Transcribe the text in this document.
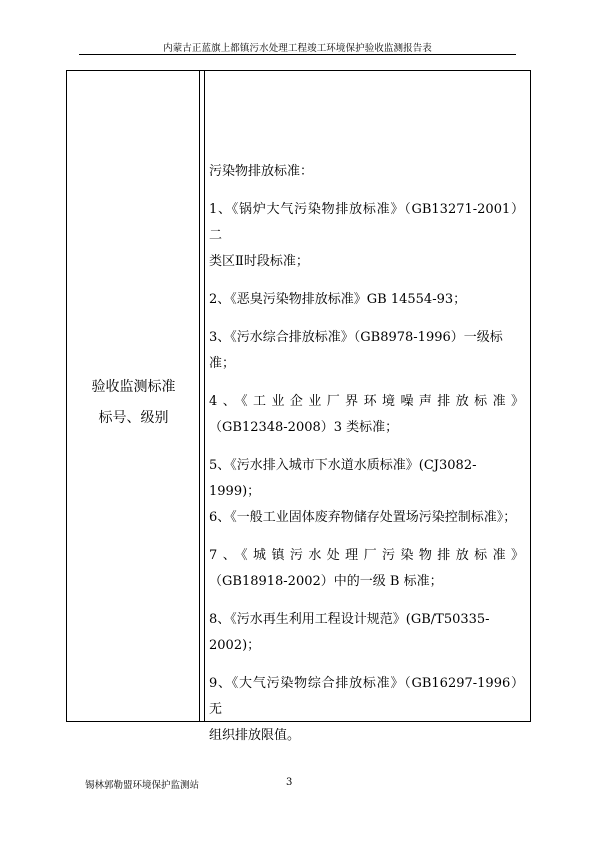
内蒙古正蓝旗上都镇污水处理工程竣工环境保护验收监测报告表
验收监测标准
标号、级别

污染物排放标准：

1、《锅炉大气污染物排放标准》（GB13271-2001）二
类区Ⅱ时段标准；

2、《恶臭污染物排放标准》GB 14554-93；

3、《污水综合排放标准》（GB8978-1996）一级标准；

4、《工业企业厂界环境噪声排放标准》
（GB12348-2008）3 类标准；

5、《污水排入城市下水道水质标准》(CJ3082-1999)；

6、《一般工业固体废弃物储存处置场污染控制标准》；

7、《城镇污水处理厂污染物排放标准》
（GB18918-2002）中的一级 B 标准；

8、《污水再生利用工程设计规范》(GB/T50335-2002)；

9、《大气污染物综合排放标准》（GB16297-1996）无
组织排放限值。

锡林郭勒盟环境保护监测站	3
